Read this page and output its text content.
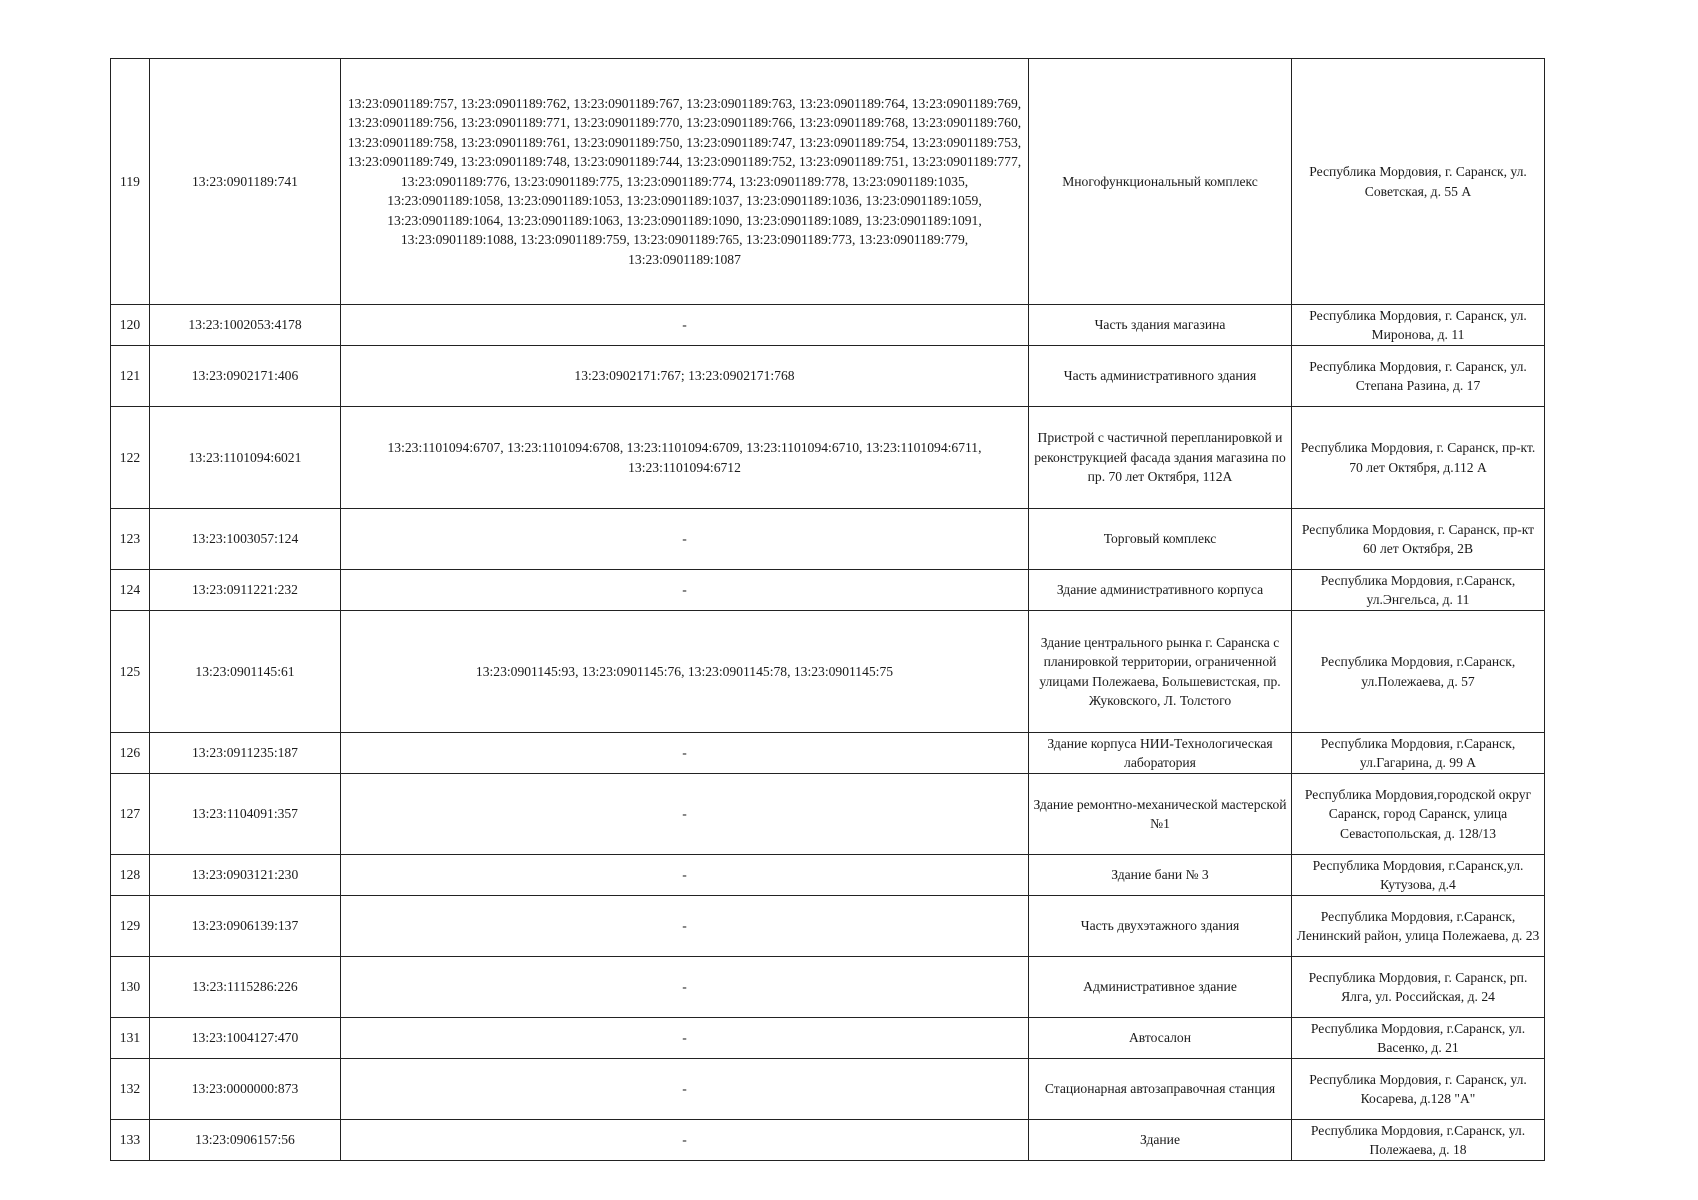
119	13:23:0901189:741	13:23:0901189:757, 13:23:0901189:762, 13:23:0901189:767, 13:23:0901189:763, 13:23:0901189:764, 13:23:0901189:769, 13:23:0901189:756, 13:23:0901189:771, 13:23:0901189:770, 13:23:0901189:766, 13:23:0901189:768, 13:23:0901189:760, 13:23:0901189:758, 13:23:0901189:761, 13:23:0901189:750, 13:23:0901189:747, 13:23:0901189:754, 13:23:0901189:753, 13:23:0901189:749, 13:23:0901189:748, 13:23:0901189:744, 13:23:0901189:752, 13:23:0901189:751, 13:23:0901189:777, 13:23:0901189:776, 13:23:0901189:775, 13:23:0901189:774, 13:23:0901189:778, 13:23:0901189:1035, 13:23:0901189:1058, 13:23:0901189:1053, 13:23:0901189:1037, 13:23:0901189:1036, 13:23:0901189:1059, 13:23:0901189:1064, 13:23:0901189:1063, 13:23:0901189:1090, 13:23:0901189:1089, 13:23:0901189:1091, 13:23:0901189:1088, 13:23:0901189:759, 13:23:0901189:765, 13:23:0901189:773, 13:23:0901189:779, 13:23:0901189:1087	Многофункциональный комплекс	Республика Мордовия, г. Саранск, ул. Советская, д. 55 А
120	13:23:1002053:4178	-	Часть здания магазина	Республика Мордовия, г. Саранск, ул. Миронова, д. 11
121	13:23:0902171:406	13:23:0902171:767; 13:23:0902171:768	Часть административного здания	Республика Мордовия, г. Саранск, ул. Степана Разина, д. 17
122	13:23:1101094:6021	13:23:1101094:6707, 13:23:1101094:6708, 13:23:1101094:6709, 13:23:1101094:6710, 13:23:1101094:6711, 13:23:1101094:6712	Пристрой с частичной перепланировкой и реконструкцией фасада здания магазина по пр. 70 лет Октября, 112А	Республика Мордовия, г. Саранск, пр-кт. 70 лет Октября, д.112 А
123	13:23:1003057:124	-	Торговый комплекс	Республика Мордовия, г. Саранск, пр-кт 60 лет Октября, 2В
124	13:23:0911221:232	-	Здание административного корпуса	Республика Мордовия, г.Саранск, ул.Энгельса, д. 11
125	13:23:0901145:61	13:23:0901145:93, 13:23:0901145:76, 13:23:0901145:78, 13:23:0901145:75	Здание центрального рынка г. Саранска с планировкой территории, ограниченной улицами Полежаева, Большевистская, пр. Жуковского, Л. Толстого	Республика Мордовия, г.Саранск, ул.Полежаева, д. 57
126	13:23:0911235:187	-	Здание корпуса НИИ-Технологическая лаборатория	Республика Мордовия, г.Саранск, ул.Гагарина, д. 99 А
127	13:23:1104091:357	-	Здание ремонтно-механической мастерской №1	Республика Мордовия,городской округ Саранск, город Саранск, улица Севастопольская, д. 128/13
128	13:23:0903121:230	-	Здание бани № 3	Республика Мордовия, г.Саранск,ул. Кутузова, д.4
129	13:23:0906139:137	-	Часть двухэтажного здания	Республика Мордовия, г.Саранск, Ленинский район, улица Полежаева, д. 23
130	13:23:1115286:226	-	Административное здание	Республика Мордовия, г. Саранск, рп. Ялга, ул. Российская, д. 24
131	13:23:1004127:470	-	Автосалон	Республика Мордовия, г.Саранск, ул. Васенко, д. 21
132	13:23:0000000:873	-	Стационарная автозаправочная станция	Республика Мордовия, г. Саранск, ул. Косарева, д.128 "А"
133	13:23:0906157:56	-	Здание	Республика Мордовия, г.Саранск, ул. Полежаева, д. 18
